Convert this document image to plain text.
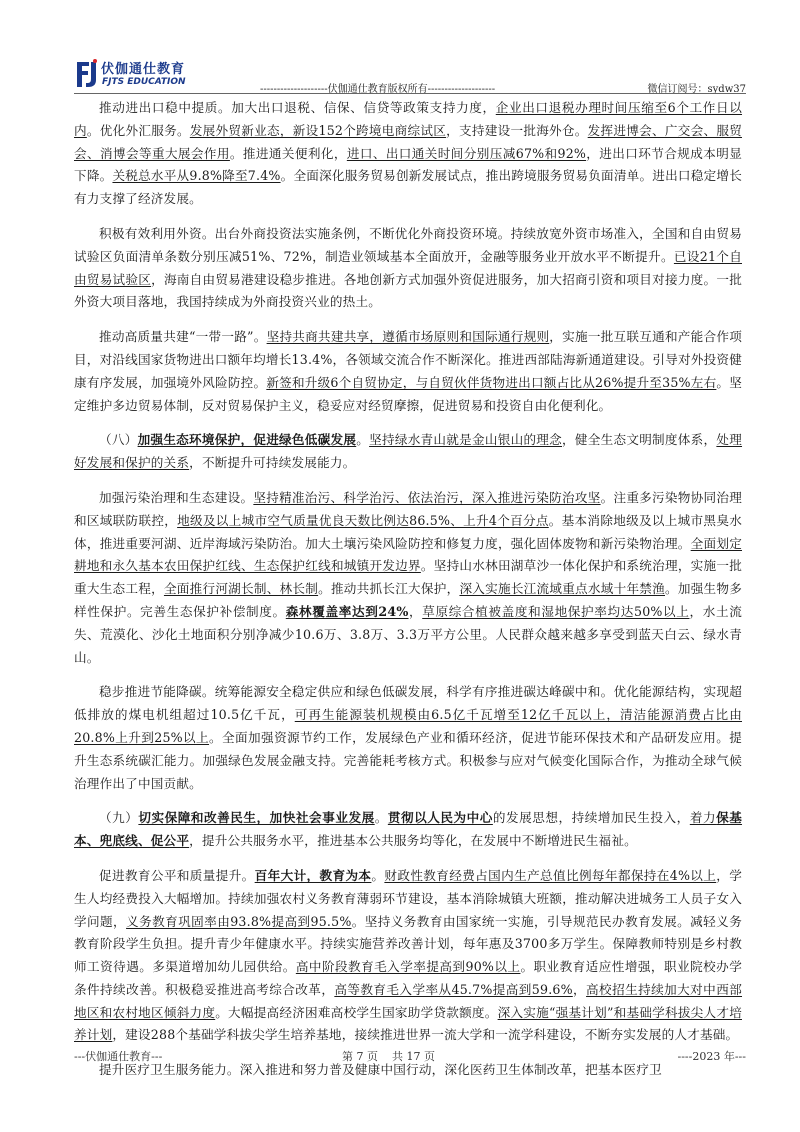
伏伽通仕教育
FJTS EDUCATION
--------------------伏伽通仕教育版权所有--------------------	微信订阅号：sydw37

推动进出口稳中提质。加大出口退税、信保、信贷等政策支持力度，企业出口退税办理时间压缩至6个工作日以内。优化外汇服务。发展外贸新业态，新设152个跨境电商综试区，支持建设一批海外仓。发挥进博会、广交会、服贸会、消博会等重大展会作用。推进通关便利化，进口、出口通关时间分别压减67%和92%，进出口环节合规成本明显下降。关税总水平从9.8%降至7.4%。全面深化服务贸易创新发展试点，推出跨境服务贸易负面清单。进出口稳定增长有力支撑了经济发展。

积极有效利用外资。出台外商投资法实施条例，不断优化外商投资环境。持续放宽外资市场准入，全国和自由贸易试验区负面清单条数分别压减51%、72%，制造业领域基本全面放开，金融等服务业开放水平不断提升。已设21个自由贸易试验区，海南自由贸易港建设稳步推进。各地创新方式加强外资促进服务，加大招商引资和项目对接力度。一批外资大项目落地，我国持续成为外商投资兴业的热土。

推动高质量共建“一带一路”。坚持共商共建共享，遵循市场原则和国际通行规则，实施一批互联互通和产能合作项目，对沿线国家货物进出口额年均增长13.4%，各领域交流合作不断深化。推进西部陆海新通道建设。引导对外投资健康有序发展，加强境外风险防控。新签和升级6个自贸协定，与自贸伙伴货物进出口额占比从26%提升至35%左右。坚定维护多边贸易体制，反对贸易保护主义，稳妥应对经贸摩擦，促进贸易和投资自由化便利化。

（八）加强生态环境保护，促进绿色低碳发展。坚持绿水青山就是金山银山的理念，健全生态文明制度体系，处理好发展和保护的关系，不断提升可持续发展能力。

加强污染治理和生态建设。坚持精准治污、科学治污、依法治污，深入推进污染防治攻坚。注重多污染物协同治理和区域联防联控，地级及以上城市空气质量优良天数比例达86.5%、上升4个百分点。基本消除地级及以上城市黑臭水体，推进重要河湖、近岸海域污染防治。加大土壤污染风险防控和修复力度，强化固体废物和新污染物治理。全面划定耕地和永久基本农田保护红线、生态保护红线和城镇开发边界。坚持山水林田湖草沙一体化保护和系统治理，实施一批重大生态工程，全面推行河湖长制、林长制。推动共抓长江大保护，深入实施长江流域重点水域十年禁渔。加强生物多样性保护。完善生态保护补偿制度。森林覆盖率达到24%，草原综合植被盖度和湿地保护率均达50%以上，水土流失、荒漠化、沙化土地面积分别净减少10.6万、3.8万、3.3万平方公里。人民群众越来越多享受到蓝天白云、绿水青山。

稳步推进节能降碳。统筹能源安全稳定供应和绿色低碳发展，科学有序推进碳达峰碳中和。优化能源结构，实现超低排放的煤电机组超过10.5亿千瓦，可再生能源装机规模由6.5亿千瓦增至12亿千瓦以上，清洁能源消费占比由20.8%上升到25%以上。全面加强资源节约工作，发展绿色产业和循环经济，促进节能环保技术和产品研发应用。提升生态系统碳汇能力。加强绿色发展金融支持。完善能耗考核方式。积极参与应对气候变化国际合作，为推动全球气候治理作出了中国贡献。

（九）切实保障和改善民生，加快社会事业发展。贯彻以人民为中心的发展思想，持续增加民生投入，着力保基本、兜底线、促公平，提升公共服务水平，推进基本公共服务均等化，在发展中不断增进民生福祉。

促进教育公平和质量提升。百年大计，教育为本。财政性教育经费占国内生产总值比例每年都保持在4%以上，学生人均经费投入大幅增加。持续加强农村义务教育薄弱环节建设，基本消除城镇大班额，推动解决进城务工人员子女入学问题，义务教育巩固率由93.8%提高到95.5%。坚持义务教育由国家统一实施，引导规范民办教育发展。减轻义务教育阶段学生负担。提升青少年健康水平。持续实施营养改善计划，每年惠及3700多万学生。保障教师特别是乡村教师工资待遇。多渠道增加幼儿园供给。高中阶段教育毛入学率提高到90%以上。职业教育适应性增强，职业院校办学条件持续改善。积极稳妥推进高考综合改革，高等教育毛入学率从45.7%提高到59.6%，高校招生持续加大对中西部地区和农村地区倾斜力度。大幅提高经济困难高校学生国家助学贷款额度。深入实施“强基计划”和基础学科拔尖人才培养计划，建设288个基础学科拔尖学生培养基地，接续推进世界一流大学和一流学科建设，不断夯实发展的人才基础。

提升医疗卫生服务能力。深入推进和努力普及健康中国行动，深化医药卫生体制改革，把基本医疗卫

---伏伽通仕教育---	第 7 页 共 17 页	----2023 年---
